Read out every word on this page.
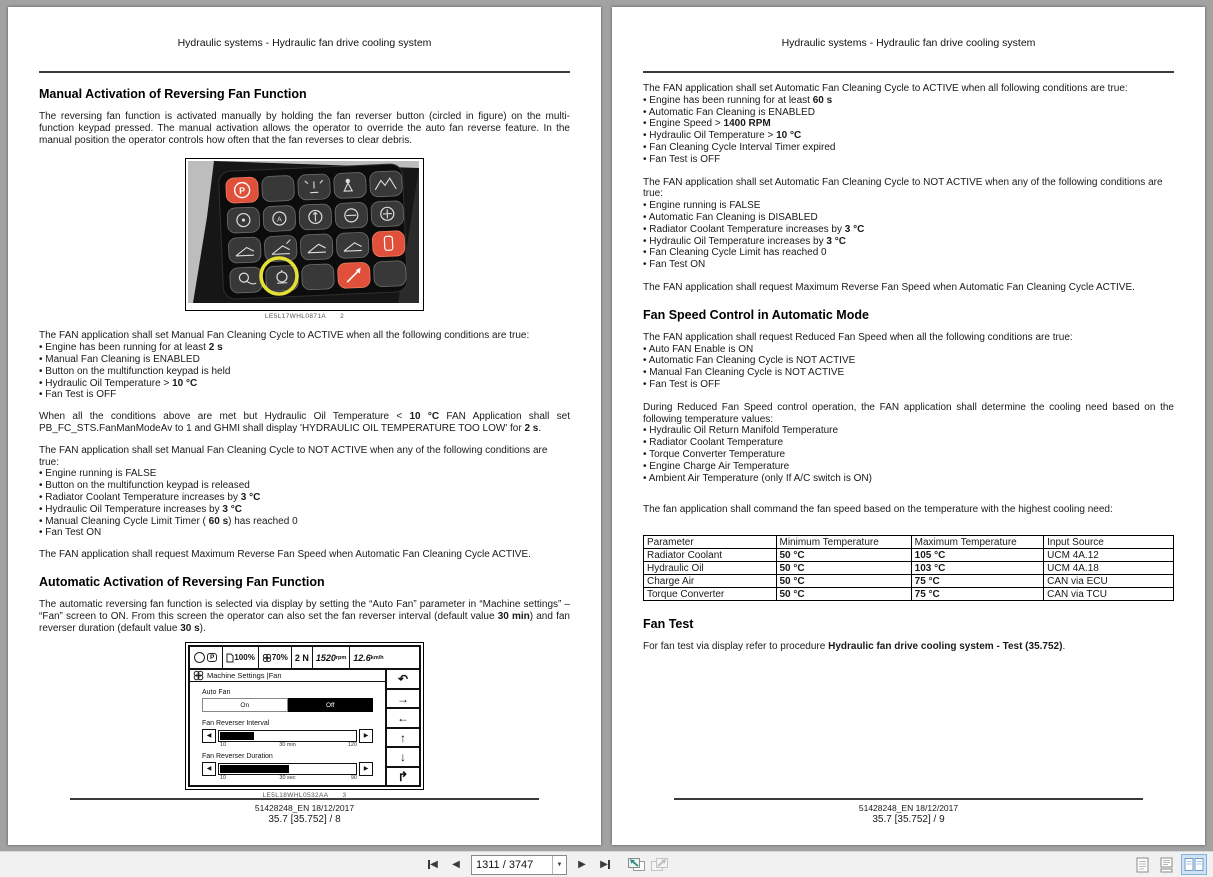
Hydraulic systems - Hydraulic fan drive cooling system
Manual Activation of Reversing Fan Function
The reversing fan function is activated manually by holding the fan reverser button (circled in figure) on the multi-function keypad pressed. The manual activation allows the operator to override the auto fan reverse feature. In the manual position the operator controls how often that the fan reverses to clear debris.
P
A
LE5L17WHL0871A 2
The FAN application shall set Manual Fan Cleaning Cycle to ACTIVE when all the following conditions are true:
• Engine has been running for at least 2 s
• Manual Fan Cleaning is ENABLED
• Button on the multifunction keypad is held
• Hydraulic Oil Temperature > 10 °C
• Fan Test is OFF
When all the conditions above are met but Hydraulic Oil Temperature < 10 °C FAN Application shall set PB_FC_STS.FanManModeAv to 1 and GHMI shall display 'HYDRAULIC OIL TEMPERATURE TOO LOW' for 2 s.
The FAN application shall set Manual Fan Cleaning Cycle to NOT ACTIVE when any of the following conditions are true:
• Engine running is FALSE
• Button on the multifunction keypad is released
• Radiator Coolant Temperature increases by 3 °C
• Hydraulic Oil Temperature increases by 3 °C
• Manual Cleaning Cycle Limit Timer ( 60 s) has reached 0
• Fan Test ON
The FAN application shall request Maximum Reverse Fan Speed when Automatic Fan Cleaning Cycle ACTIVE.
Automatic Activation of Reversing Fan Function
The automatic reversing fan function is selected via display by setting the “Auto Fan” parameter in “Machine settings” – “Fan” screen to ON. From this screen the operator can also set the fan reverser interval (default value 30 min) and fan reverser duration (default value 30 s).
P	100% 70% 2 N 1520 rpm 12.6 km/h
Machine Settings |Fan
Auto Fan
On	Off
Fan Reverser Interval
◀	▶
10	30 min	120
Fan Reverser Duration
◀	▶
10	30 sec	90
↶
→
←
↑
↓
↱
LE5L18WHL0532AA 3
51428248_EN 18/12/2017
35.7 [35.752] / 8
Hydraulic systems - Hydraulic fan drive cooling system
The FAN application shall set Automatic Fan Cleaning Cycle to ACTIVE when all following conditions are true:
• Engine has been running for at least 60 s
• Automatic Fan Cleaning is ENABLED
• Engine Speed > 1400 RPM
• Hydraulic Oil Temperature > 10 °C
• Fan Cleaning Cycle Interval Timer expired
• Fan Test is OFF
The FAN application shall set Automatic Fan Cleaning Cycle to NOT ACTIVE when any of the following conditions are true:
• Engine running is FALSE
• Automatic Fan Cleaning is DISABLED
• Radiator Coolant Temperature increases by 3 °C
• Hydraulic Oil Temperature increases by 3 °C
• Fan Cleaning Cycle Limit has reached 0
• Fan Test ON
The FAN application shall request Maximum Reverse Fan Speed when Automatic Fan Cleaning Cycle ACTIVE.
Fan Speed Control in Automatic Mode
The FAN application shall request Reduced Fan Speed when all the following conditions are true:
• Auto FAN Enable is ON
• Automatic Fan Cleaning Cycle is NOT ACTIVE
• Manual Fan Cleaning Cycle is NOT ACTIVE
• Fan Test is OFF
During Reduced Fan Speed control operation, the FAN application shall determine the cooling need based on the following temperature values:
• Hydraulic Oil Return Manifold Temperature
• Radiator Coolant Temperature
• Torque Converter Temperature
• Engine Charge Air Temperature
• Ambient Air Temperature (only If A/C switch is ON)
The fan application shall command the fan speed based on the temperature with the highest cooling need:
Parameter	Minimum Temperature	Maximum Temperature	Input Source
Radiator Coolant	50 °C	105 °C	UCM 4A.12
Hydraulic Oil	50 °C	103 °C	UCM 4A.18
Charge Air	50 °C	75 °C	CAN via ECU
Torque Converter	50 °C	75 °C	CAN via TCU
Fan Test
For fan test via display refer to procedure Hydraulic fan drive cooling system - Test (35.752).
51428248_EN 18/12/2017
35.7 [35.752] / 9
◀ ◀	1311 / 3747	▼	▶ ▶
